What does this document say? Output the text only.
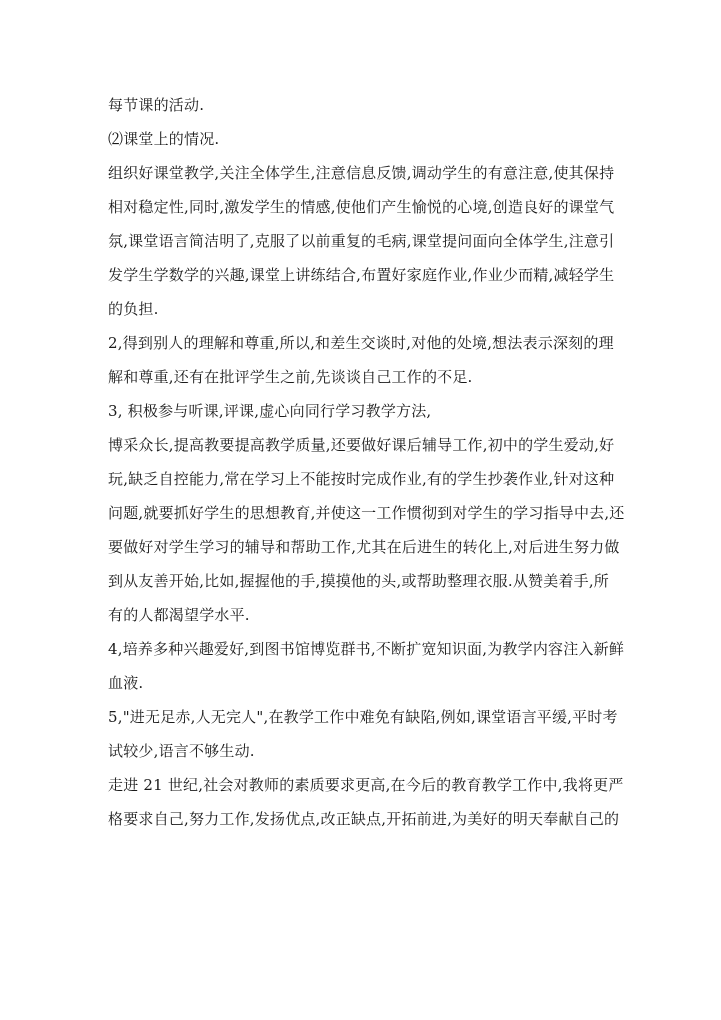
每节课的活动.
⑵课堂上的情况.
组织好课堂教学,关注全体学生,注意信息反馈,调动学生的有意注意,使其保持
相对稳定性,同时,激发学生的情感,使他们产生愉悦的心境,创造良好的课堂气
氛,课堂语言简洁明了,克服了以前重复的毛病,课堂提问面向全体学生,注意引
发学生学数学的兴趣,课堂上讲练结合,布置好家庭作业,作业少而精,减轻学生
的负担.
2,得到别人的理解和尊重,所以,和差生交谈时,对他的处境,想法表示深刻的理
解和尊重,还有在批评学生之前,先谈谈自己工作的不足.
3, 积极参与听课,评课,虚心向同行学习教学方法,
博采众长,提高教要提高教学质量,还要做好课后辅导工作,初中的学生爱动,好
玩,缺乏自控能力,常在学习上不能按时完成作业,有的学生抄袭作业,针对这种
问题,就要抓好学生的思想教育,并使这一工作惯彻到对学生的学习指导中去,还
要做好对学生学习的辅导和帮助工作,尤其在后进生的转化上,对后进生努力做
到从友善开始,比如,握握他的手,摸摸他的头,或帮助整理衣服.从赞美着手,所
有的人都渴望学水平.
4,培养多种兴趣爱好,到图书馆博览群书,不断扩宽知识面,为教学内容注入新鲜
血液.
5,"进无足赤,人无完人",在教学工作中难免有缺陷,例如,课堂语言平缓,平时考
试较少,语言不够生动.
走进 21 世纪,社会对教师的素质要求更高,在今后的教育教学工作中,我将更严
格要求自己,努力工作,发扬优点,改正缺点,开拓前进,为美好的明天奉献自己的
